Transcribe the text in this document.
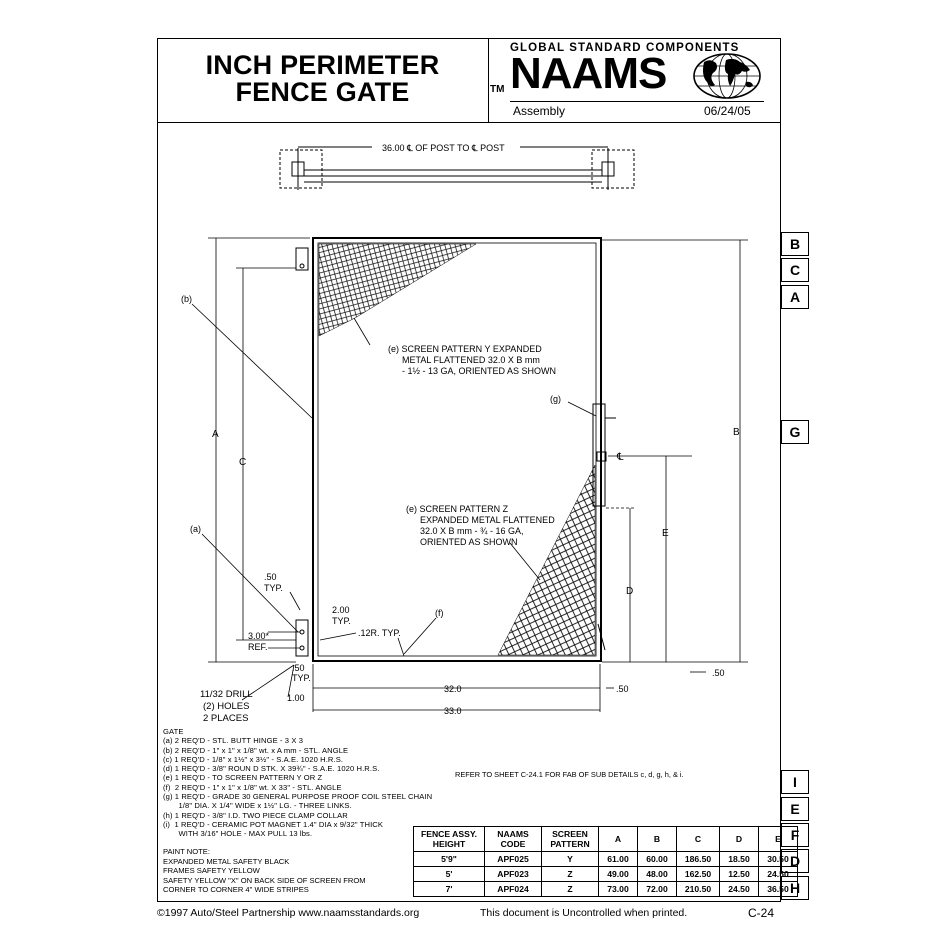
INCH PERIMETER
FENCE GATE
GLOBAL STANDARD COMPONENTS
TM NAAMS
Assembly	06/24/05
36.00 ℄ OF POST TO ℄ POST
(b)
(a)
(g)
(f)
(e) SCREEN PATTERN Y EXPANDED
METAL FLATTENED 32.0 X B mm
- 1½ - 13 GA, ORIENTED AS SHOWN
(e) SCREEN PATTERN Z
EXPANDED METAL FLATTENED
32.0 X B mm - ¾ - 16 GA,
ORIENTED AS SHOWN
A	B
C
D
E
℄
.50
TYP.
2.00
TYP.
.12R. TYP.
3.00*
REF.
.50
TYP.
11/32 DRILL
(2) HOLES
2 PLACES
1.00
32.0	.50
33.0
.50
B
C
A
G
I
E
F
D
H
GATE
(a) 2 REQ'D - STL. BUTT HINGE - 3 X 3
(b) 2 REQ'D - 1" x 1" x 1/8" wt. x A mm - STL. ANGLE
(c) 1 REQ'D - 1/8" x 1½" x 3½" - S.A.E. 1020 H.R.S.
(d) 1 REQ'D - 3/8" ROUN D STK. X 39¾" - S.A.E. 1020 H.R.S.
(e) 1 REQ'D - TO SCREEN PATTERN Y OR Z
(f)  2 REQ'D - 1" x 1" x 1/8" wt. X 33" - STL. ANGLE
(g) 1 REQ'D - GRADE 30 GENERAL PURPOSE PROOF COIL STEEL CHAIN
1/8" DIA. X 1/4" WIDE x 1½" LG. - THREE LINKS.
(h) 1 REQ'D - 3/8" I.D. TWO PIECE CLAMP COLLAR
(i)  1 REQ'D - CERAMIC POT MAGNET 1.4" DIA x 9/32" THICK
WITH 3/16" HOLE - MAX PULL 13 lbs.
PAINT NOTE:
EXPANDED METAL SAFETY BLACK
FRAMES SAFETY YELLOW
SAFETY YELLOW "X" ON BACK SIDE OF SCREEN FROM
CORNER TO CORNER 4" WIDE STRIPES
REFER TO SHEET C-24.1 FOR FAB OF SUB DETAILS c, d, g, h, & i.
FENCE ASSY. HEIGHT	NAAMS CODE	SCREEN PATTERN	A	B	C	D	E
5'9"	APF025	Y	61.00	60.00	186.50	18.50	30.50
5'	APF023	Z	49.00	48.00	162.50	12.50	24.50
7'	APF024	Z	73.00	72.00	210.50	24.50	36.50
©1997 Auto/Steel Partnership www.naamsstandards.org	This document is Uncontrolled when printed.	C-24
